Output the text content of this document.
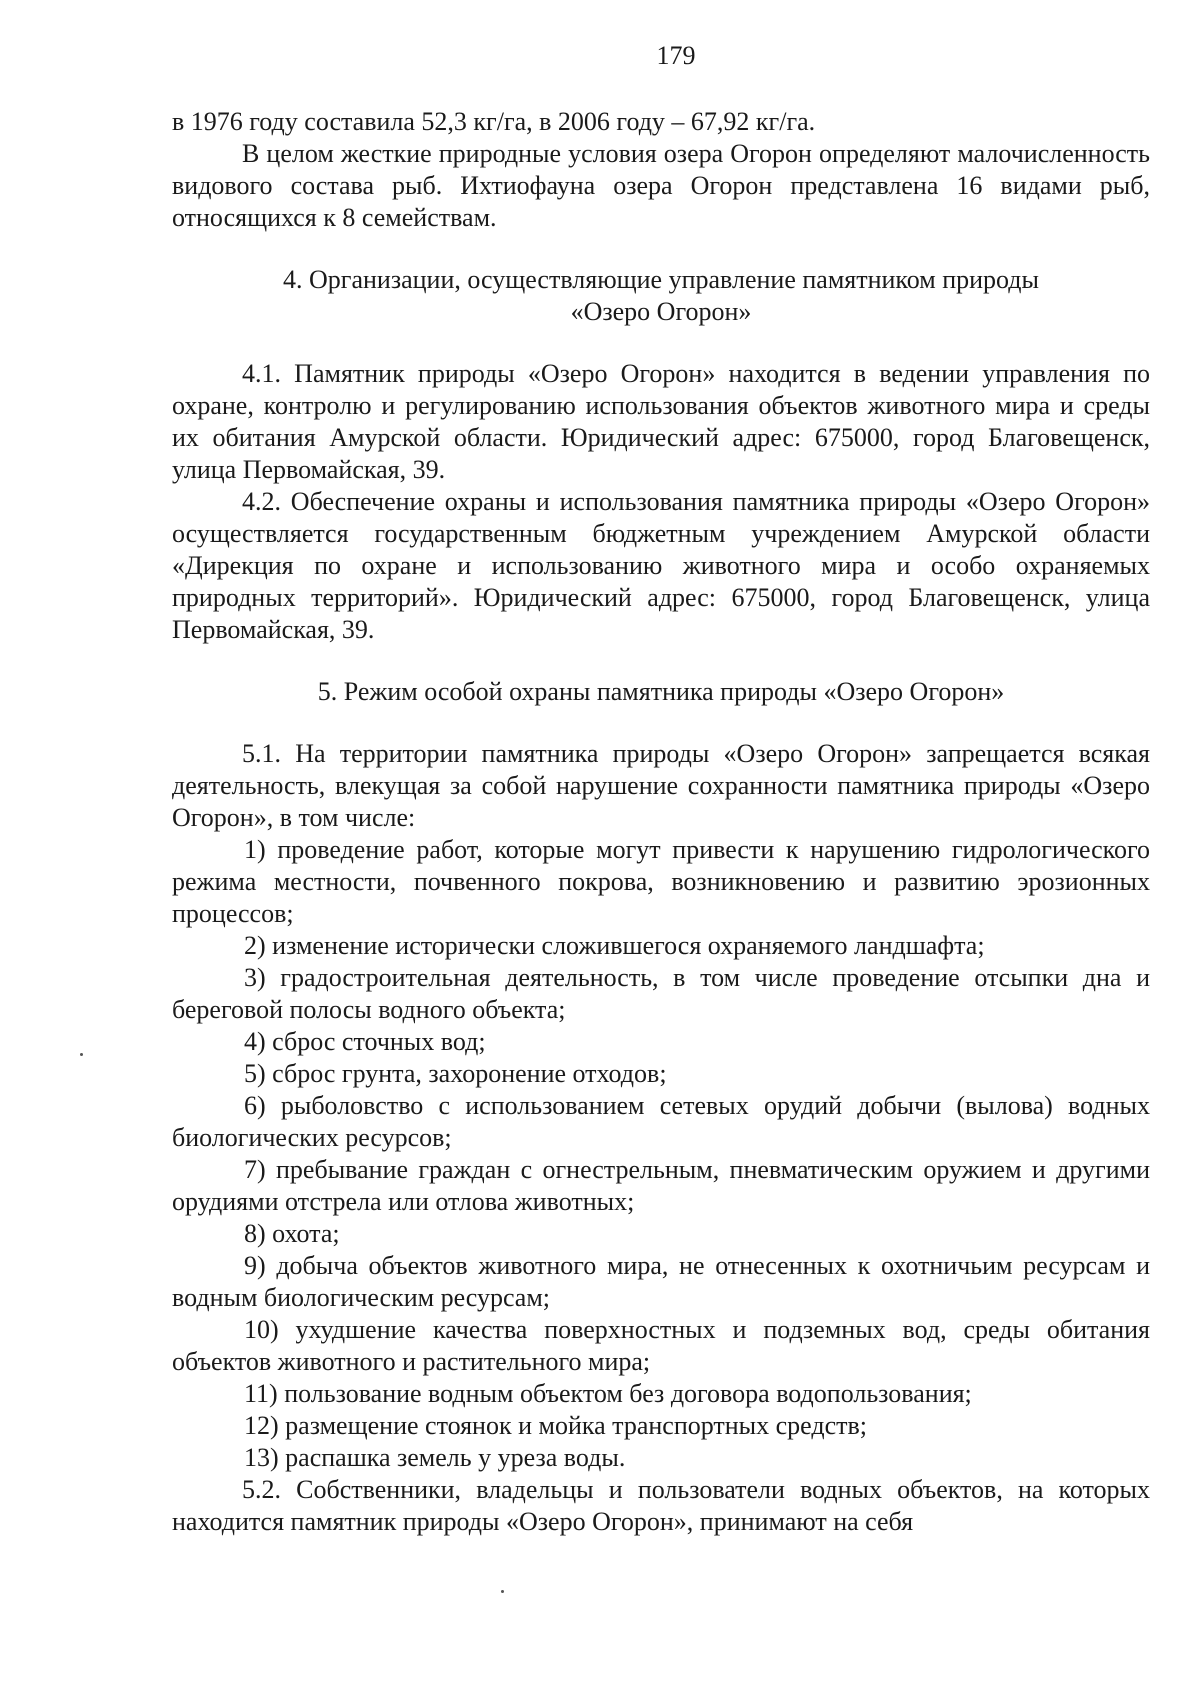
179

в 1976 году составила 52,3 кг/га, в 2006 году – 67,92 кг/га.

В целом жесткие природные условия озера Огорон определяют малочисленность видового состава рыб. Ихтиофауна озера Огорон представлена 16 видами рыб, относящихся к 8 семействам.

4. Организации, осуществляющие управление памятником природы
«Озеро Огорон»

4.1. Памятник природы «Озеро Огорон» находится в ведении управления по охране, контролю и регулированию использования объектов животного мира и среды их обитания Амурской области. Юридический адрес: 675000, город Благовещенск, улица Первомайская, 39.

4.2. Обеспечение охраны и использования памятника природы «Озеро Огорон» осуществляется государственным бюджетным учреждением Амурской области «Дирекция по охране и использованию животного мира и особо охраняемых природных территорий». Юридический адрес: 675000, город Благовещенск, улица Первомайская, 39.

5. Режим особой охраны памятника природы «Озеро Огорон»

5.1. На территории памятника природы «Озеро Огорон» запрещается всякая деятельность, влекущая за собой нарушение сохранности памятника природы «Озеро Огорон», в том числе:

1) проведение работ, которые могут привести к нарушению гидрологического режима местности, почвенного покрова, возникновению и развитию эрозионных процессов;

2) изменение исторически сложившегося охраняемого ландшафта;

3) градостроительная деятельность, в том числе проведение отсыпки дна и береговой полосы водного объекта;

4) сброс сточных вод;

5) сброс грунта, захоронение отходов;

6) рыболовство с использованием сетевых орудий добычи (вылова) водных биологических ресурсов;

7) пребывание граждан с огнестрельным, пневматическим оружием и другими орудиями отстрела или отлова животных;

8) охота;

9) добыча объектов животного мира, не отнесенных к охотничьим ресурсам и водным биологическим ресурсам;

10) ухудшение качества поверхностных и подземных вод, среды обитания объектов животного и растительного мира;

11) пользование водным объектом без договора водопользования;

12) размещение стоянок и мойка транспортных средств;

13) распашка земель у уреза воды.

5.2. Собственники, владельцы и пользователи водных объектов, на которых находится памятник природы «Озеро Огорон», принимают на себя
